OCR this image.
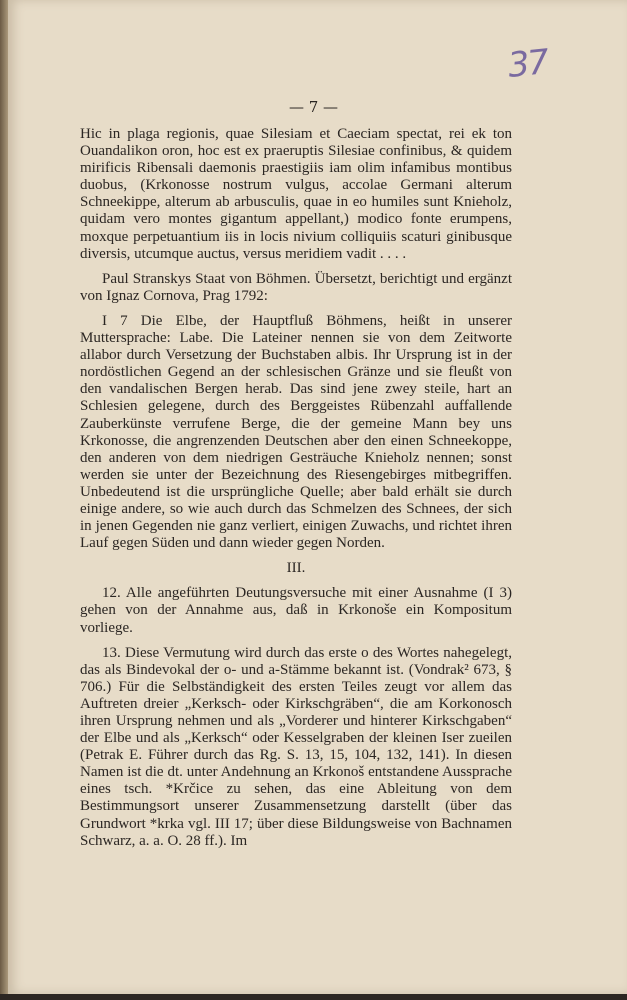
37
— 7 —

Hic in plaga regionis, quae Silesiam et Caeciam spectat, rei ek ton Ouandalikon oron, hoc est ex praeruptis Silesiae confinibus, & quidem mirificis Ribensali daemonis praestigiis iam olim infamibus montibus duobus, (Krkonosse nostrum vulgus, accolae Germani alterum Schneekippe, alterum ab arbusculis, quae in eo humiles sunt Knieholz, quidam vero montes gigantum appellant,) modico fonte erumpens, moxque perpetuantium iis in locis nivium colliquiis scaturi ginibusque diversis, utcumque auctus, versus meridiem vadit . . . .

Paul Stranskys Staat von Böhmen. Übersetzt, berichtigt und ergänzt von Ignaz Cornova, Prag 1792:

I 7 Die Elbe, der Hauptfluß Böhmens, heißt in unserer Muttersprache: Labe. Die Lateiner nennen sie von dem Zeitworte allabor durch Versetzung der Buchstaben albis. Ihr Ursprung ist in der nordöstlichen Gegend an der schlesischen Gränze und sie fleußt von den vandalischen Bergen herab. Das sind jene zwey steile, hart an Schlesien gelegene, durch des Berggeistes Rübenzahl auffallende Zauberkünste verrufene Berge, die der gemeine Mann bey uns Krkonosse, die angrenzenden Deutschen aber den einen Schneekoppe, den anderen von dem niedrigen Gesträuche Knieholz nennen; sonst werden sie unter der Bezeichnung des Riesengebirges mitbegriffen. Unbedeutend ist die ursprüngliche Quelle; aber bald erhält sie durch einige andere, so wie auch durch das Schmelzen des Schnees, der sich in jenen Gegenden nie ganz verliert, einigen Zuwachs, und richtet ihren Lauf gegen Süden und dann wieder gegen Norden.

III.

12. Alle angeführten Deutungsversuche mit einer Ausnahme (I 3) gehen von der Annahme aus, daß in Krkonoše ein Kompositum vorliege.

13. Diese Vermutung wird durch das erste o des Wortes nahegelegt, das als Bindevokal der o- und a-Stämme bekannt ist. (Vondrak² 673, § 706.) Für die Selbständigkeit des ersten Teiles zeugt vor allem das Auftreten dreier „Kerksch- oder Kirkschgräben“, die am Korkonosch ihren Ursprung nehmen und als „Vorderer und hinterer Kirkschgaben“ der Elbe und als „Kerksch“ oder Kesselgraben der kleinen Iser zueilen (Petrak E. Führer durch das Rg. S. 13, 15, 104, 132, 141). In diesen Namen ist die dt. unter Andehnung an Krkonoš entstandene Aussprache eines tsch. *Krčice zu sehen, das eine Ableitung von dem Bestimmungsort unserer Zusammensetzung darstellt (über das Grundwort *krka vgl. III 17; über diese Bildungsweise von Bachnamen Schwarz, a. a. O. 28 ff.). Im
